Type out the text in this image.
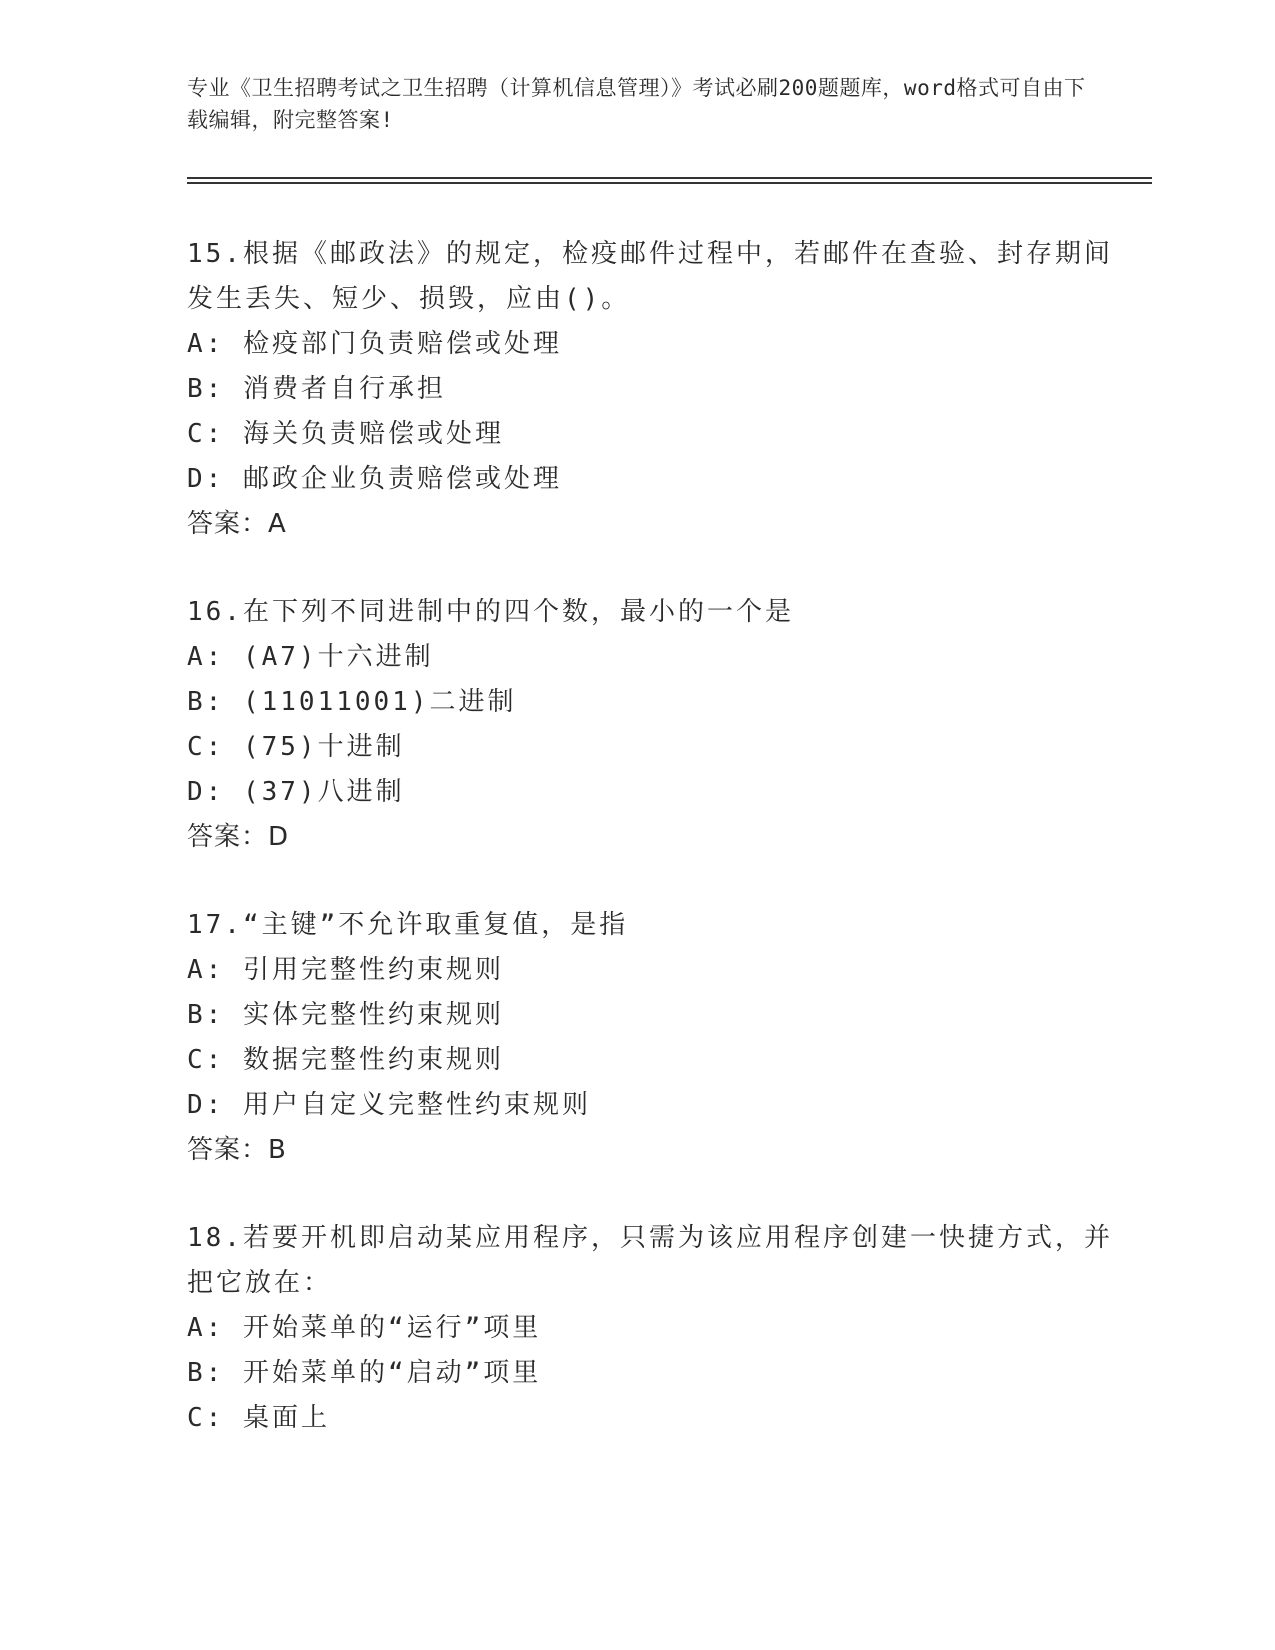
专业《卫生招聘考试之卫生招聘（计算机信息管理）》考试必刷200题题库，word格式可自由下载编辑，附完整答案!

15.根据《邮政法》的规定，检疫邮件过程中，若邮件在查验、封存期间发生丢失、短少、损毁，应由()。

A: 检疫部门负责赔偿或处理

B: 消费者自行承担

C: 海关负责赔偿或处理

D: 邮政企业负责赔偿或处理

答案：A

16.在下列不同进制中的四个数，最小的一个是

A: (A7)十六进制

B: (11011001)二进制

C: (75)十进制

D: (37)八进制

答案：D

17.“主键”不允许取重复值，是指

A: 引用完整性约束规则

B: 实体完整性约束规则

C: 数据完整性约束规则

D: 用户自定义完整性约束规则

答案：B

18.若要开机即启动某应用程序，只需为该应用程序创建一快捷方式，并把它放在：

A: 开始菜单的“运行”项里

B: 开始菜单的“启动”项里

C: 桌面上
